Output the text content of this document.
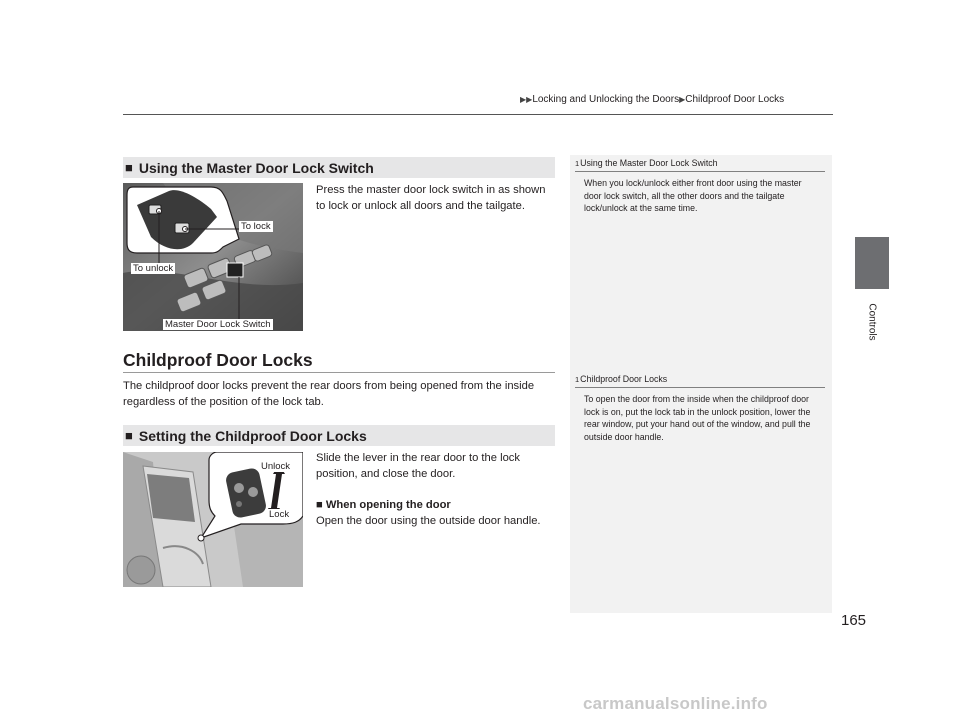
▶▶Locking and Unlocking the Doors▶Childproof Door Locks
Controls
1Using the Master Door Lock Switch
When you lock/unlock either front door using the master door lock switch, all the other doors and the tailgate lock/unlock at the same time.
1Childproof Door Locks
To open the door from the inside when the childproof door lock is on, put the lock tab in the unlock position, lower the rear window, put your hand out of the window, and pull the outside door handle.
■ Using the Master Door Lock Switch
To lock
To unlock
Master Door Lock Switch
Press the master door lock switch in as shown to lock or unlock all doors and the tailgate.
Childproof Door Locks
The childproof door locks prevent the rear doors from being opened from the inside regardless of the position of the lock tab.
■ Setting the Childproof Door Locks
Unlock
Lock
Slide the lever in the rear door to the lock position, and close the door.
■ When opening the door
Open the door using the outside door handle.
165
carmanualsonline.info
